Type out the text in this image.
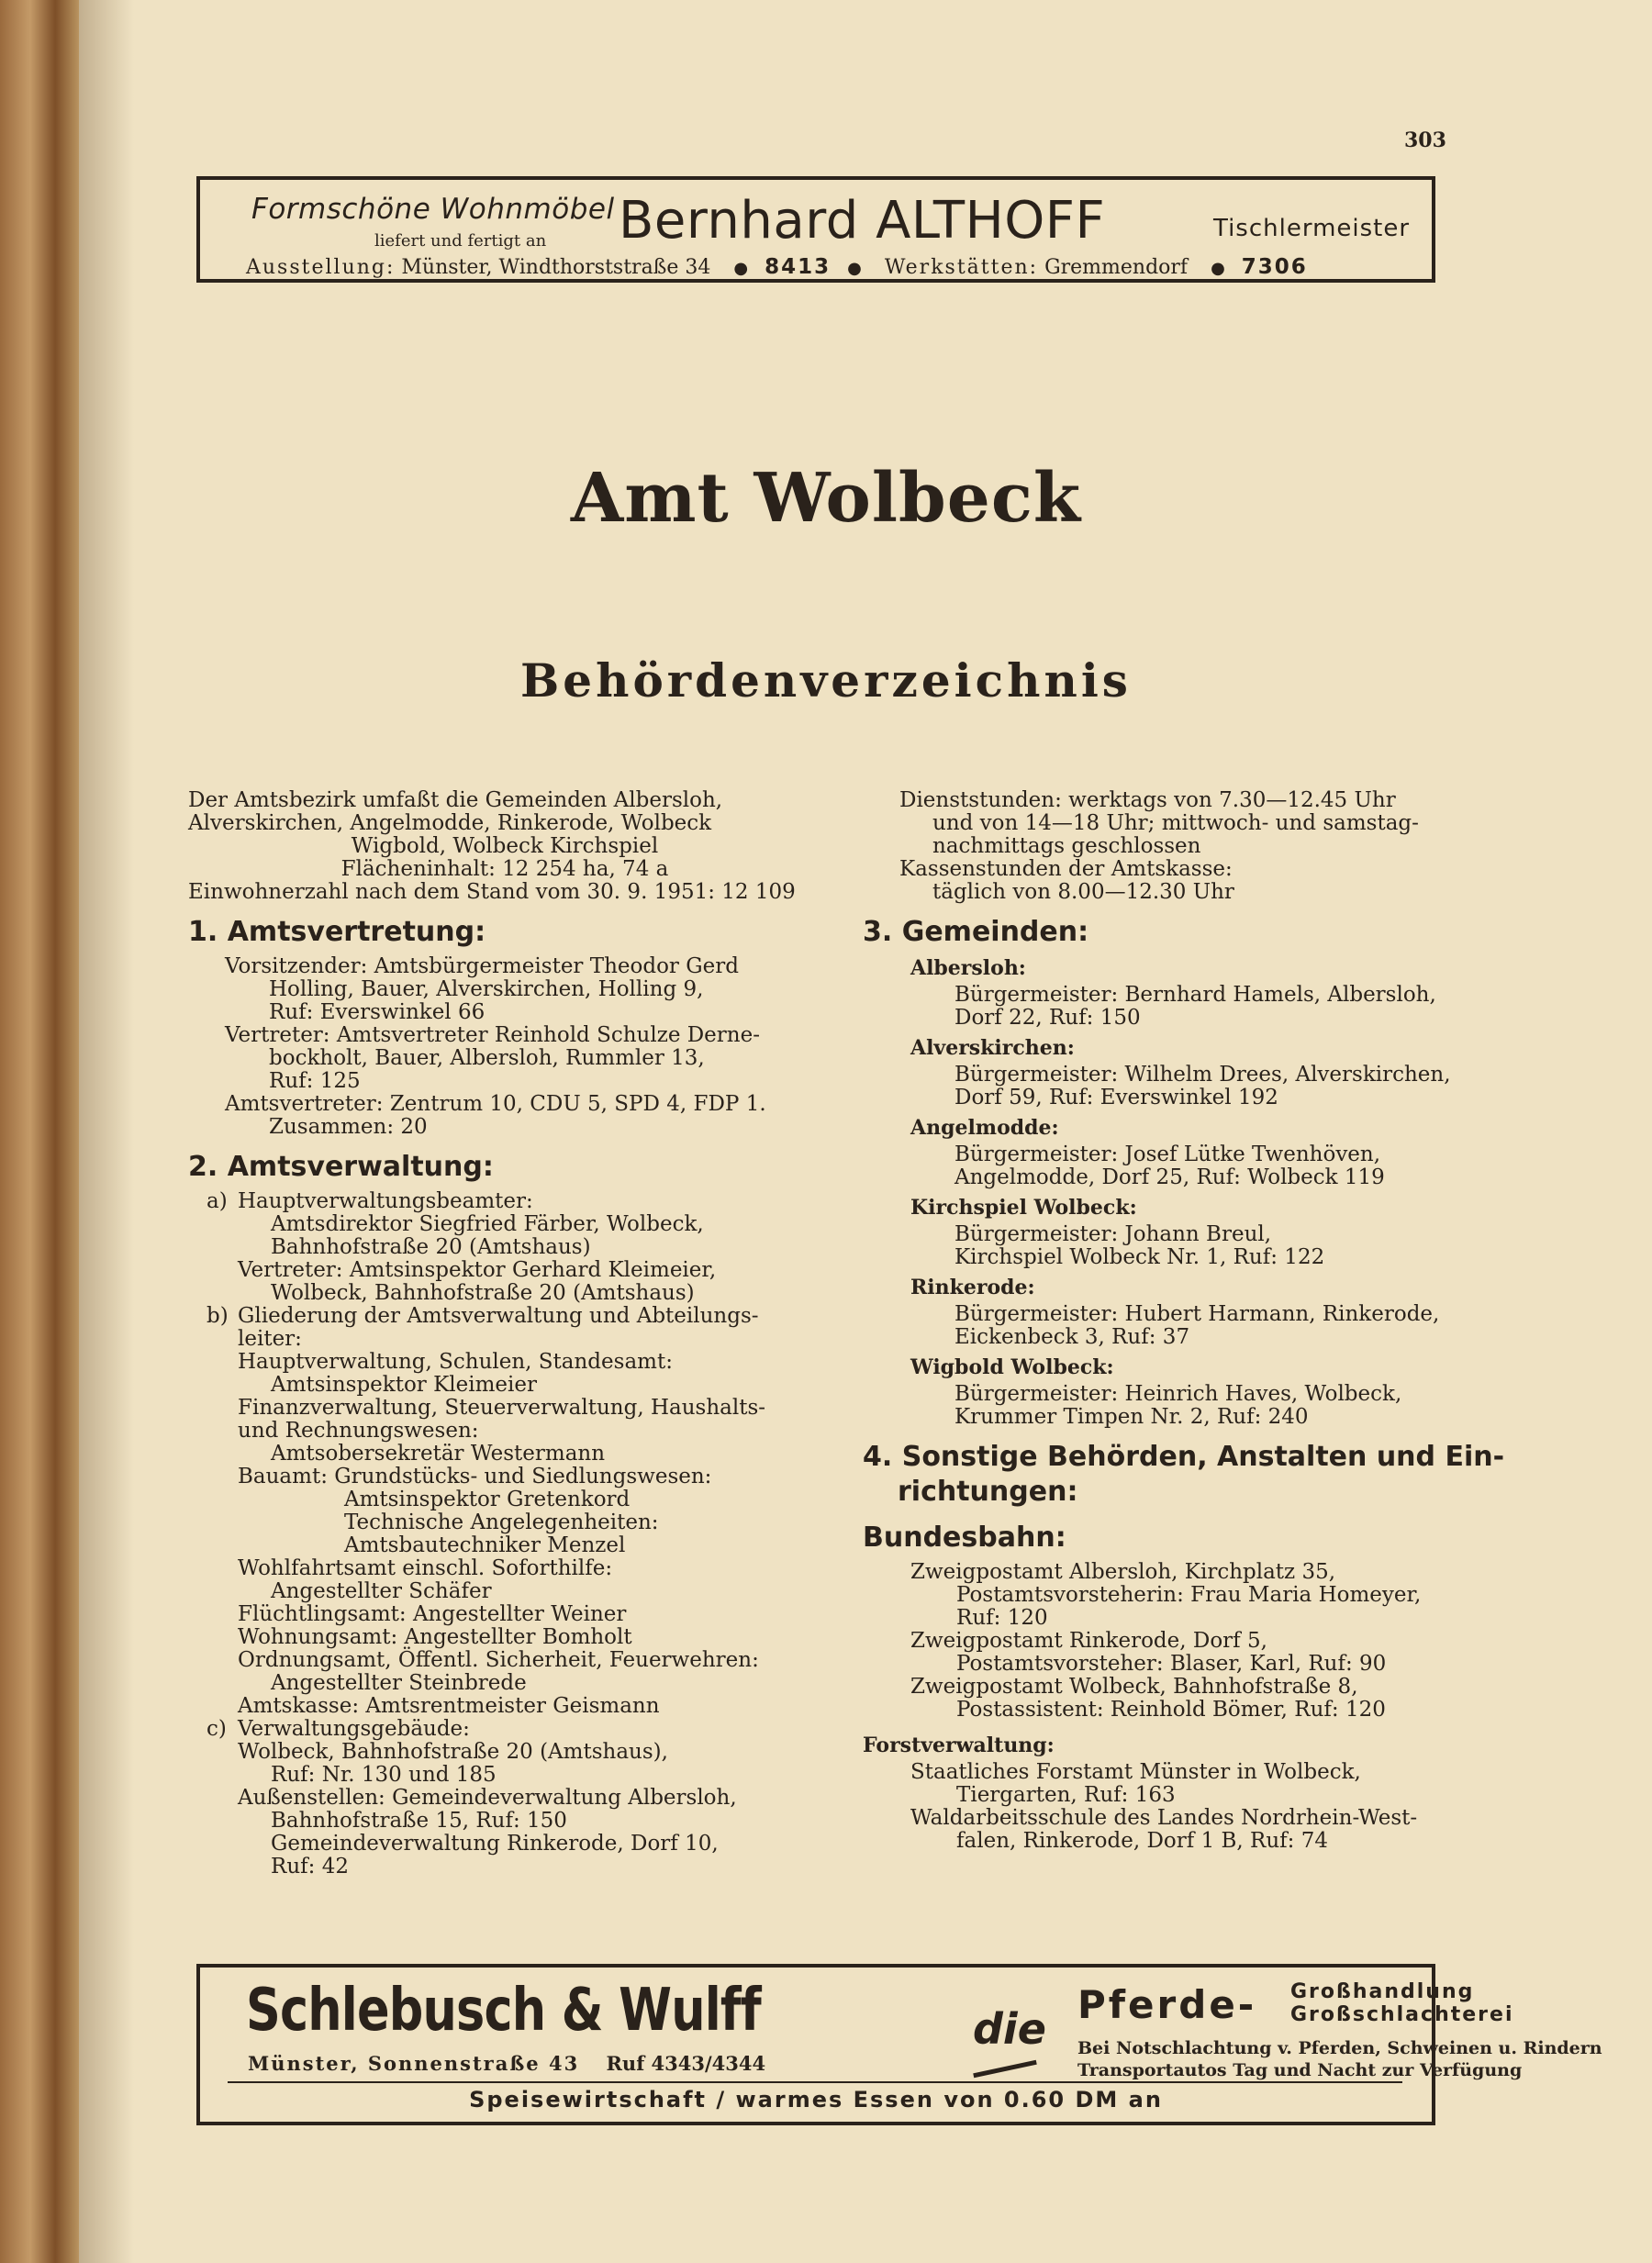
303
Formschöne Wohnmöbel
liefert und fertigt an Bernhard ALTHOFF	Tischlermeister
Ausstellung: Münster, Windthorststraße 34 ● 8413 ● Werkstätten: Gremmendorf ● 7306
Amt Wolbeck
Behördenverzeichnis
Der Amtsbezirk umfaßt die Gemeinden Albersloh,
Alverskirchen, Angelmodde, Rinkerode, Wolbeck
Wigbold, Wolbeck Kirchspiel
Flächeninhalt: 12 254 ha, 74 a
Einwohnerzahl nach dem Stand vom 30. 9. 1951: 12 109
1. Amtsvertretung:
Vorsitzender: Amtsbürgermeister Theodor Gerd
Holling, Bauer, Alverskirchen, Holling 9,
Ruf: Everswinkel 66
Vertreter: Amtsvertreter Reinhold Schulze Derne-
bockholt, Bauer, Albersloh, Rummler 13,
Ruf: 125
Amtsvertreter: Zentrum 10, CDU 5, SPD 4, FDP 1.
Zusammen: 20
2. Amtsverwaltung:
a) Hauptverwaltungsbeamter:
Amtsdirektor Siegfried Färber, Wolbeck,
Bahnhofstraße 20 (Amtshaus)
Vertreter: Amtsinspektor Gerhard Kleimeier,
Wolbeck, Bahnhofstraße 20 (Amtshaus)
b) Gliederung der Amtsverwaltung und Abteilungs-
leiter:
Hauptverwaltung, Schulen, Standesamt:
Amtsinspektor Kleimeier
Finanzverwaltung, Steuerverwaltung, Haushalts-
und Rechnungswesen:
Amtsobersekretär Westermann
Bauamt: Grundstücks- und Siedlungswesen:
Amtsinspektor Gretenkord
Technische Angelegenheiten:
Amtsbautechniker Menzel
Wohlfahrtsamt einschl. Soforthilfe:
Angestellter Schäfer
Flüchtlingsamt: Angestellter Weiner
Wohnungsamt: Angestellter Bomholt
Ordnungsamt, Öffentl. Sicherheit, Feuerwehren:
Angestellter Steinbrede
Amtskasse: Amtsrentmeister Geismann
c) Verwaltungsgebäude:
Wolbeck, Bahnhofstraße 20 (Amtshaus),
Ruf: Nr. 130 und 185
Außenstellen: Gemeindeverwaltung Albersloh,
Bahnhofstraße 15, Ruf: 150
Gemeindeverwaltung Rinkerode, Dorf 10,
Ruf: 42
Dienststunden: werktags von 7.30—12.45 Uhr
und von 14—18 Uhr; mittwoch- und samstag-
nachmittags geschlossen
Kassenstunden der Amtskasse:
täglich von 8.00—12.30 Uhr
3. Gemeinden:
Albersloh:
Bürgermeister: Bernhard Hamels, Albersloh,
Dorf 22, Ruf: 150
Alverskirchen:
Bürgermeister: Wilhelm Drees, Alverskirchen,
Dorf 59, Ruf: Everswinkel 192
Angelmodde:
Bürgermeister: Josef Lütke Twenhöven,
Angelmodde, Dorf 25, Ruf: Wolbeck 119
Kirchspiel Wolbeck:
Bürgermeister: Johann Breul,
Kirchspiel Wolbeck Nr. 1, Ruf: 122
Rinkerode:
Bürgermeister: Hubert Harmann, Rinkerode,
Eickenbeck 3, Ruf: 37
Wigbold Wolbeck:
Bürgermeister: Heinrich Haves, Wolbeck,
Krummer Timpen Nr. 2, Ruf: 240
4. Sonstige Behörden, Anstalten und Ein-
richtungen:
Bundesbahn:
Zweigpostamt Albersloh, Kirchplatz 35,
Postamtsvorsteherin: Frau Maria Homeyer,
Ruf: 120
Zweigpostamt Rinkerode, Dorf 5,
Postamtsvorsteher: Blaser, Karl, Ruf: 90
Zweigpostamt Wolbeck, Bahnhofstraße 8,
Postassistent: Reinhold Bömer, Ruf: 120
Forstverwaltung:
Staatliches Forstamt Münster in Wolbeck,
Tiergarten, Ruf: 163
Waldarbeitsschule des Landes Nordrhein-West-
falen, Rinkerode, Dorf 1 B, Ruf: 74
Schlebusch & Wulff
Münster, Sonnenstraße 43 Ruf 4343/4344
die Pferde- Großhandlung
Großschlachterei
Bei Notschlachtung v. Pferden, Schweinen u. Rindern
Transportautos Tag und Nacht zur Verfügung
Speisewirtschaft / warmes Essen von 0.60 DM an
